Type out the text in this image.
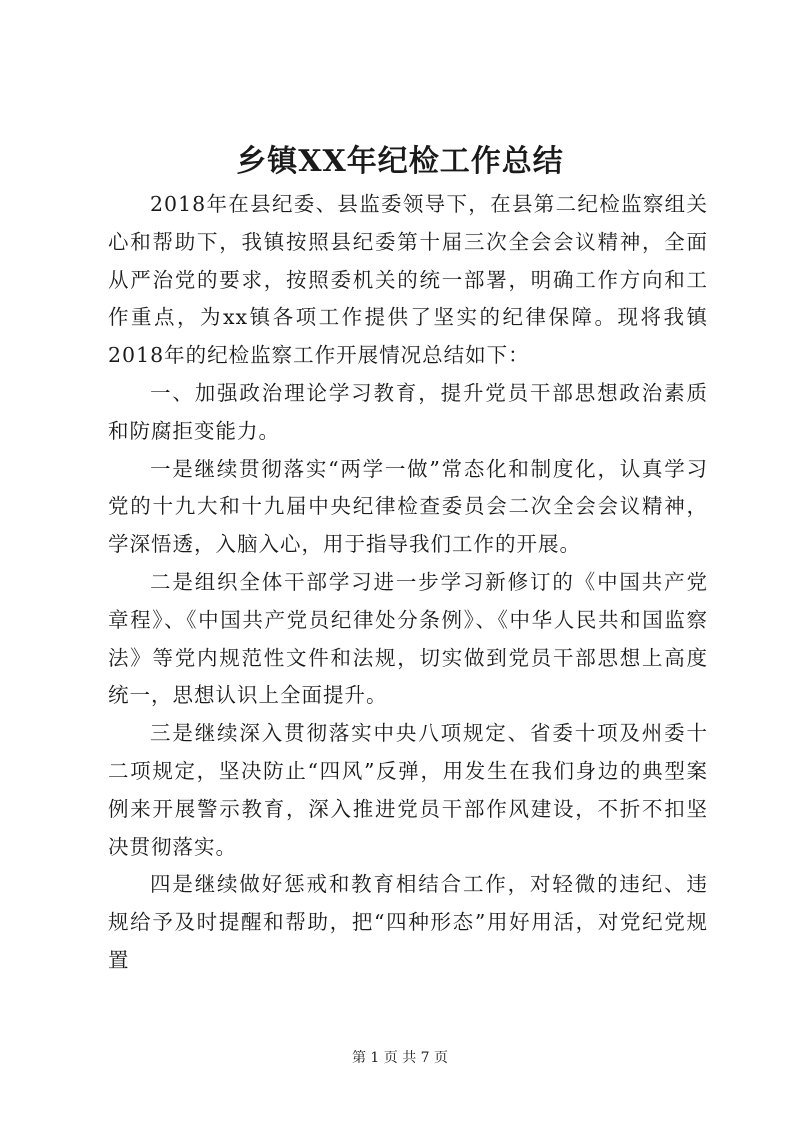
乡镇XX年纪检工作总结

2018年在县纪委、县监委领导下，在县第二纪检监察组关心和帮助下，我镇按照县纪委第十届三次全会会议精神，全面从严治党的要求，按照委机关的统一部署，明确工作方向和工作重点，为xx镇各项工作提供了坚实的纪律保障。现将我镇2018年的纪检监察工作开展情况总结如下：

一、加强政治理论学习教育，提升党员干部思想政治素质和防腐拒变能力。

一是继续贯彻落实“两学一做”常态化和制度化，认真学习党的十九大和十九届中央纪律检查委员会二次全会会议精神，学深悟透，入脑入心，用于指导我们工作的开展。

二是组织全体干部学习进一步学习新修订的《中国共产党章程》、《中国共产党员纪律处分条例》、《中华人民共和国监察法》等党内规范性文件和法规，切实做到党员干部思想上高度统一，思想认识上全面提升。

三是继续深入贯彻落实中央八项规定、省委十项及州委十二项规定，坚决防止“四风”反弹，用发生在我们身边的典型案例来开展警示教育，深入推进党员干部作风建设，不折不扣坚决贯彻落实。

四是继续做好惩戒和教育相结合工作，对轻微的违纪、违规给予及时提醒和帮助，把“四种形态”用好用活，对党纪党规置

第 1 页 共 7 页
